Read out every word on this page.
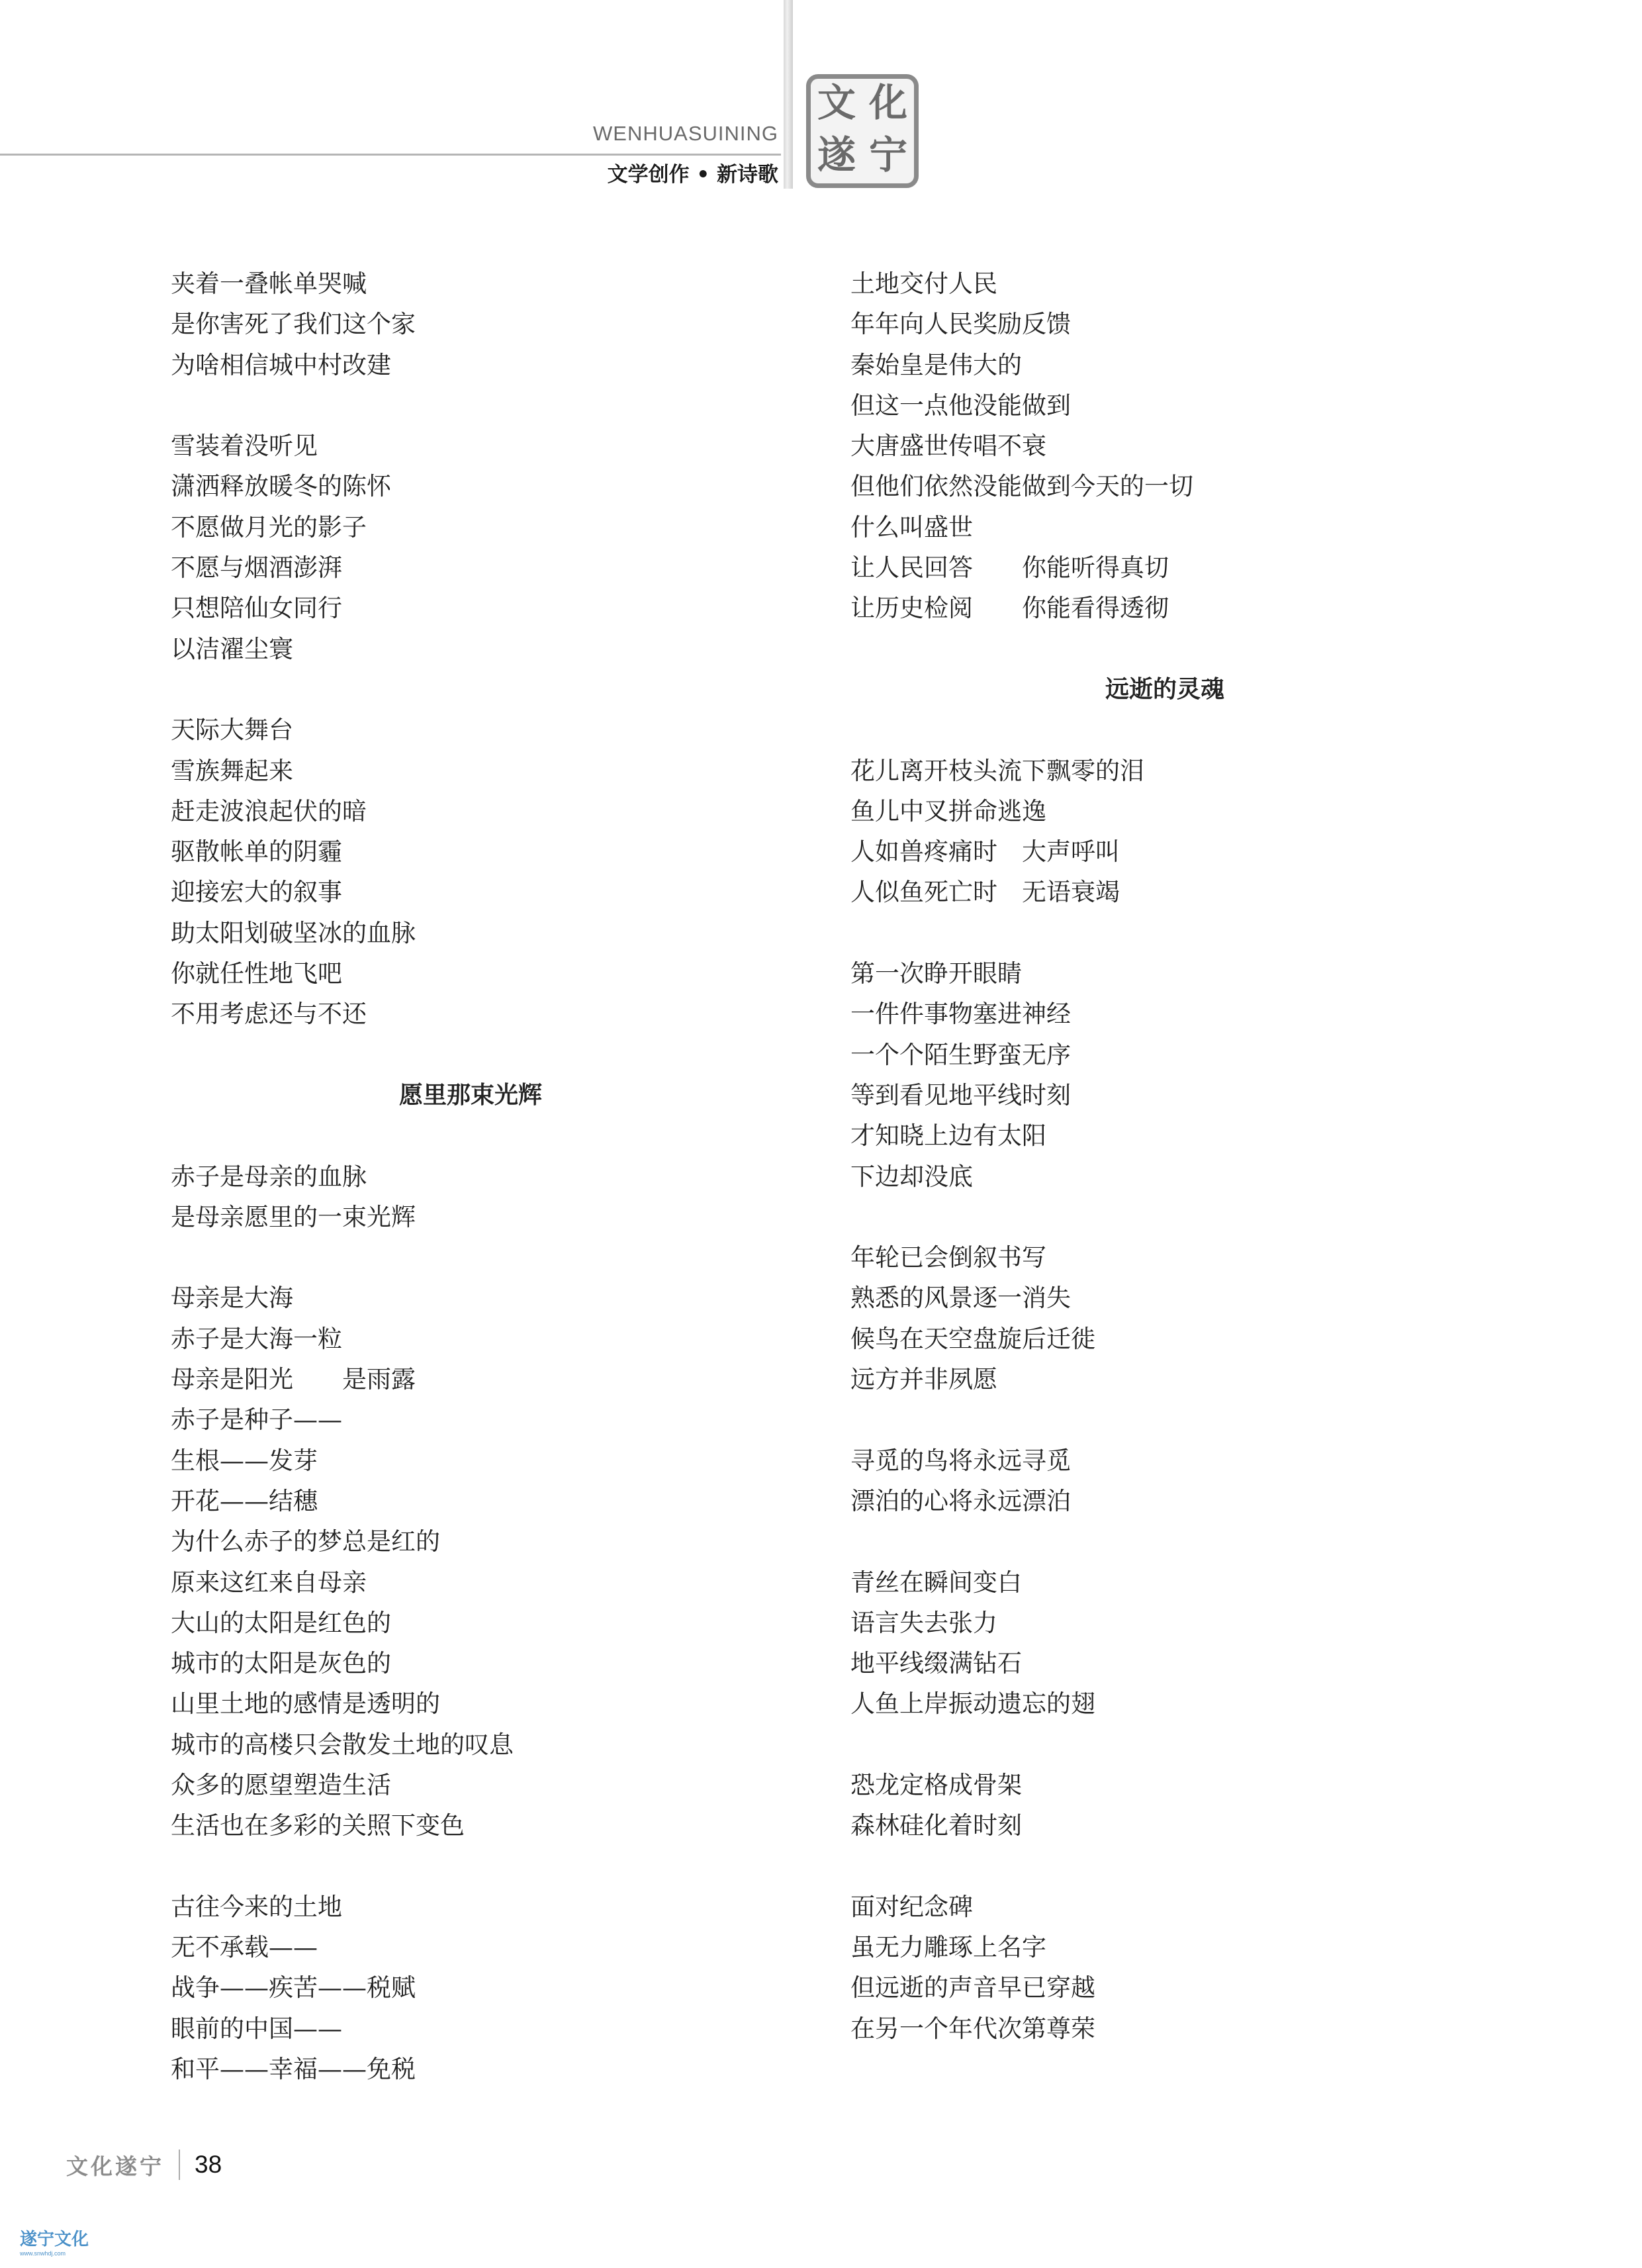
WENHUASUINING
文学创作 • 新诗歌
文 化
遂 宁
夹着一叠帐单哭喊
是你害死了我们这个家
为啥相信城中村改建
雪装着没听见
潇洒释放暖冬的陈怀
不愿做月光的影子
不愿与烟酒澎湃
只想陪仙女同行
以洁濯尘寰
天际大舞台
雪族舞起来
赶走波浪起伏的暗
驱散帐单的阴霾
迎接宏大的叙事
助太阳划破坚冰的血脉
你就任性地飞吧
不用考虑还与不还
愿里那束光辉
赤子是母亲的血脉
是母亲愿里的一束光辉
母亲是大海
赤子是大海一粒
母亲是阳光　　是雨露
赤子是种子——
生根——发芽
开花——结穗
为什么赤子的梦总是红的
原来这红来自母亲
大山的太阳是红色的
城市的太阳是灰色的
山里土地的感情是透明的
城市的高楼只会散发土地的叹息
众多的愿望塑造生活
生活也在多彩的关照下变色
古往今来的土地
无不承载——
战争——疾苦——税赋
眼前的中国——
和平——幸福——免税
土地交付人民
年年向人民奖励反馈
秦始皇是伟大的
但这一点他没能做到
大唐盛世传唱不衰
但他们依然没能做到今天的一切
什么叫盛世
让人民回答　　你能听得真切
让历史检阅　　你能看得透彻
远逝的灵魂
花儿离开枝头流下飘零的泪
鱼儿中叉拼命逃逸
人如兽疼痛时　大声呼叫
人似鱼死亡时　无语衰竭
第一次睁开眼睛
一件件事物塞进神经
一个个陌生野蛮无序
等到看见地平线时刻
才知晓上边有太阳
下边却没底
年轮已会倒叙书写
熟悉的风景逐一消失
候鸟在天空盘旋后迁徙
远方并非夙愿
寻觅的鸟将永远寻觅
漂泊的心将永远漂泊
青丝在瞬间变白
语言失去张力
地平线缀满钻石
人鱼上岸振动遗忘的翅
恐龙定格成骨架
森林硅化着时刻
面对纪念碑
虽无力雕琢上名字
但远逝的声音早已穿越
在另一个年代次第尊荣
文化遂宁 38
遂宁文化
www.snwhdj.com
